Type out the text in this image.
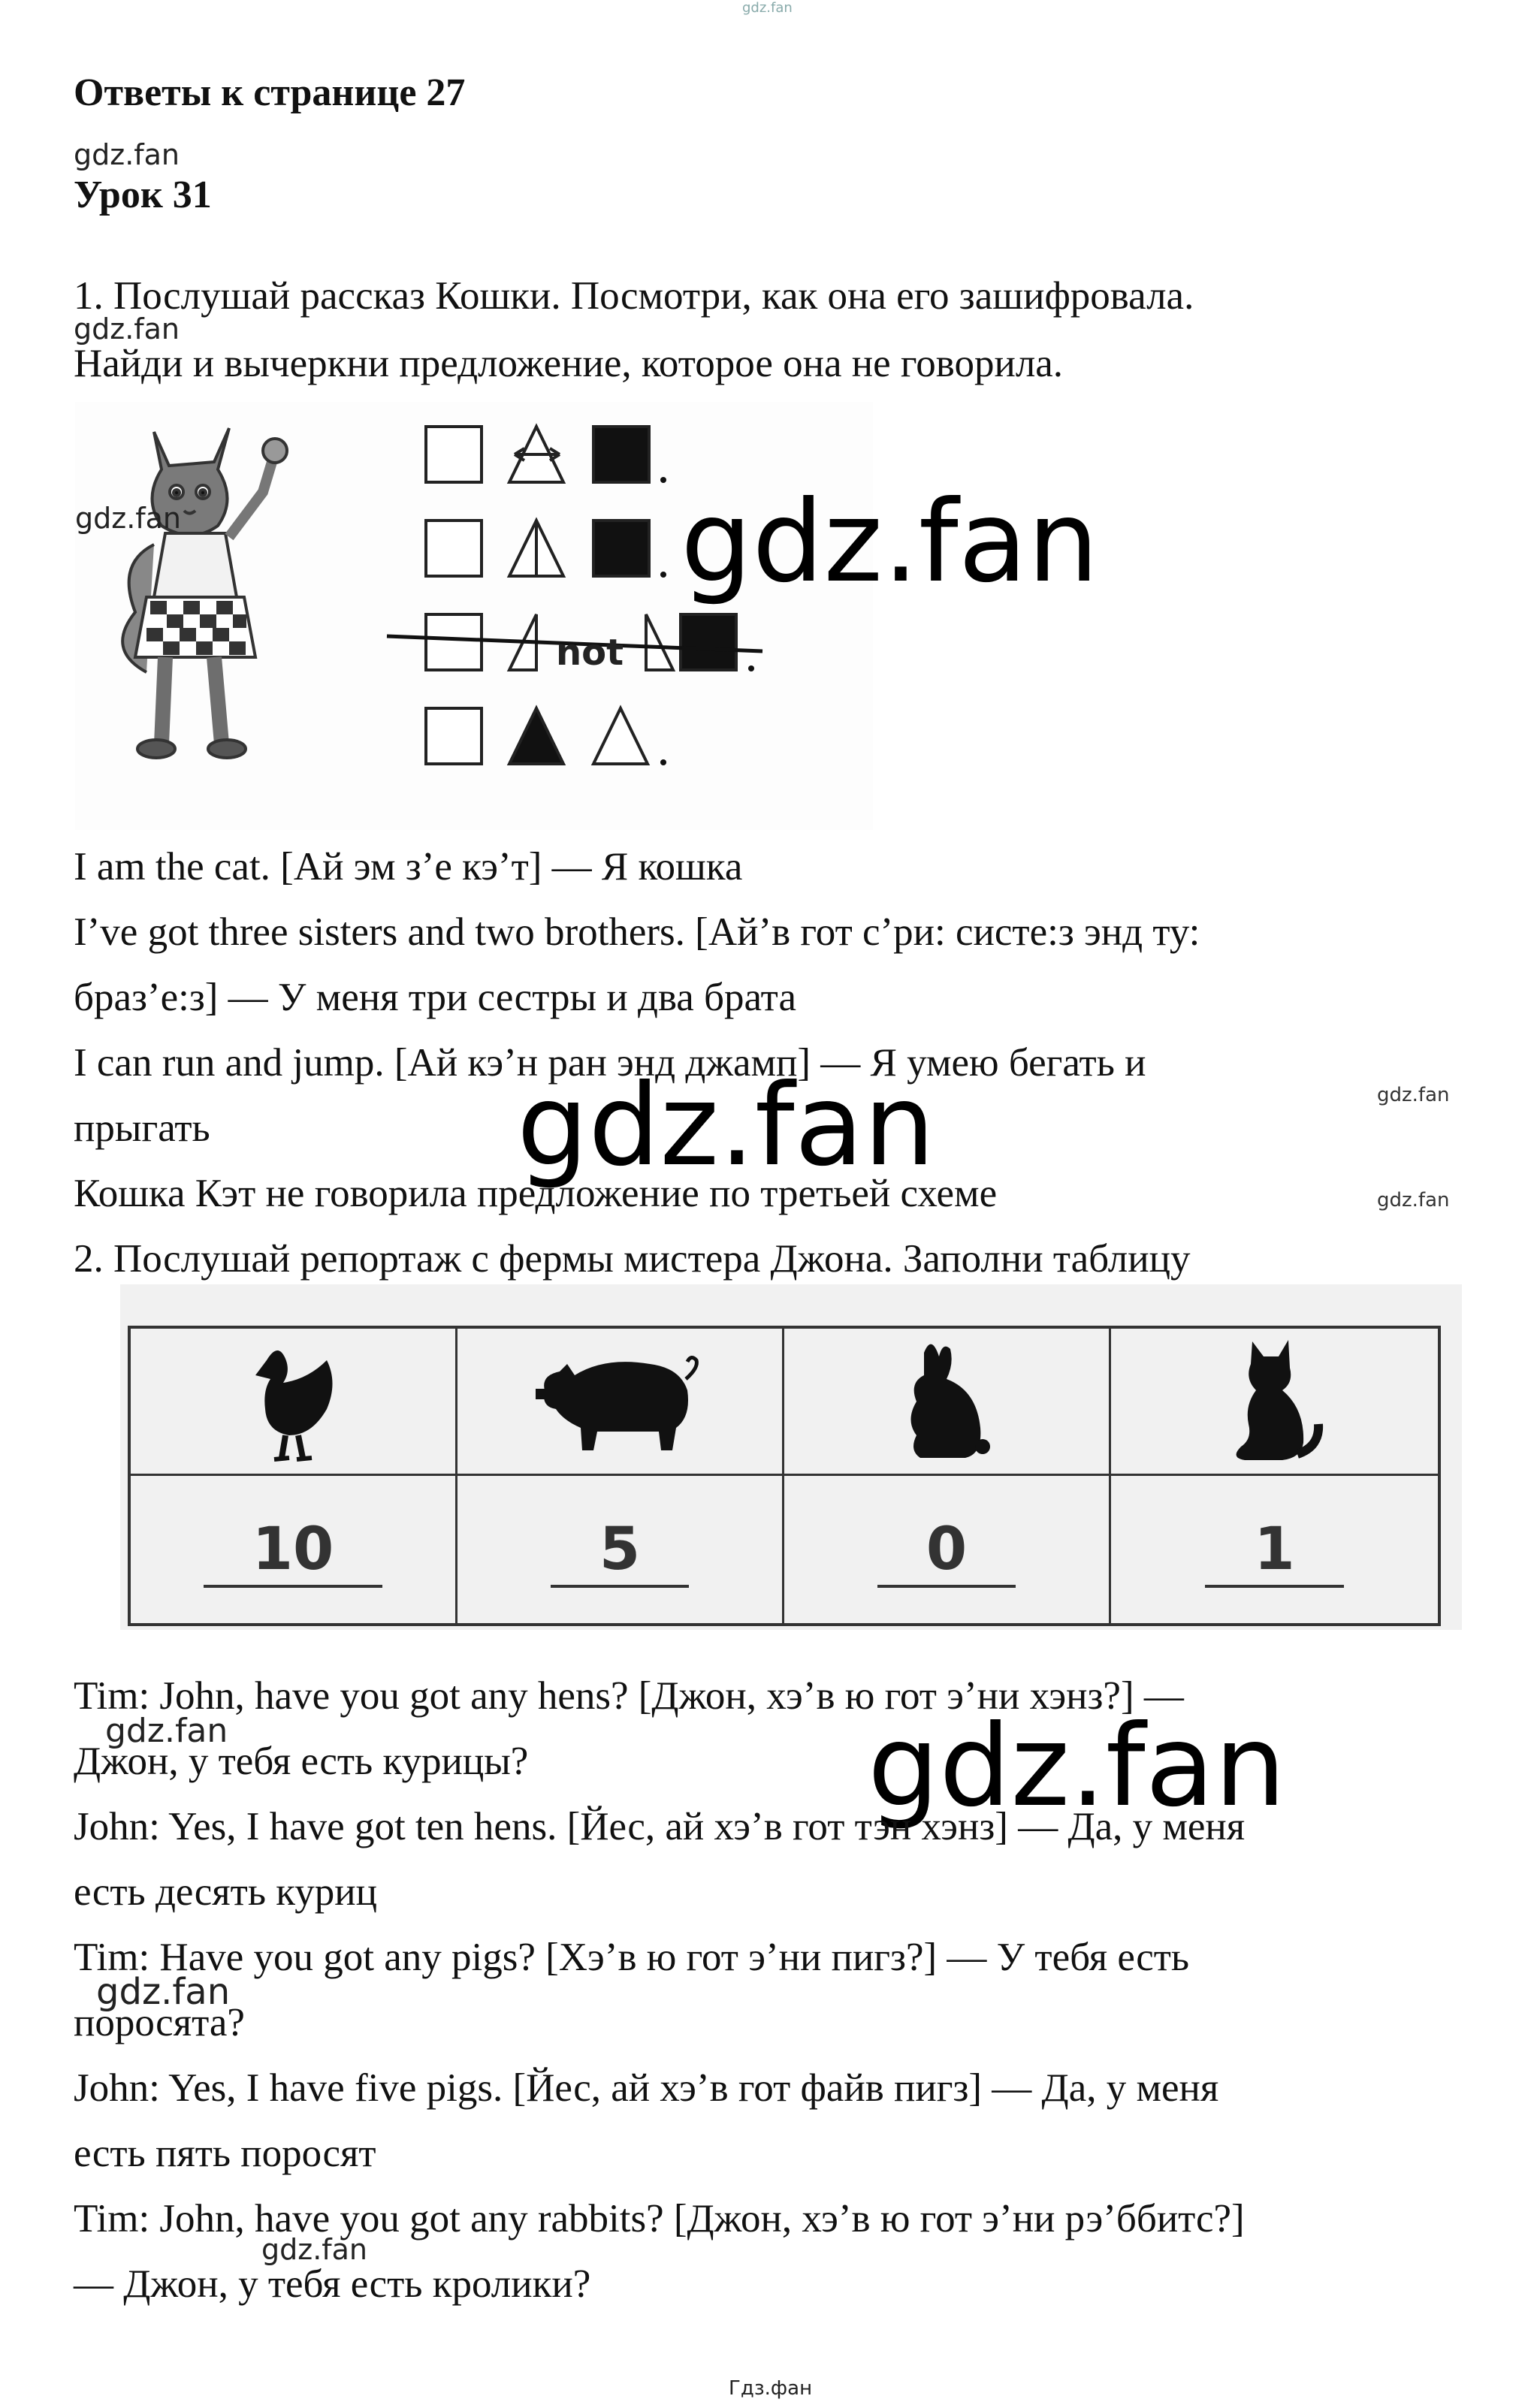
gdz.fan
Ответы к странице 27
gdz.fan
Урок 31
1. Послушай рассказ Кошки. Посмотри, как она его зашифровала.
gdz.fan
Найди и вычеркни предложение, которое она не говорила.
not
gdz.fan	gdz.fan
I am the cat. [Ай эм з’е кэ’т] — Я кошка
I’ve got three sisters and two brothers. [Ай’в гот с’ри: систе:з энд ту:
браз’е:з] — У меня три сестры и два брата
I can run and jump. [Ай кэ’н ран энд джамп] — Я умею бегать и
gdz.fan
прыгать	gdz.fan
Кошка Кэт не говорила предложение по третьей схеме	gdz.fan
2. Послушай репортаж с фермы мистера Джона. Заполни таблицу
10	5	0	1
Tim: John, have you got any hens? [Джон, хэ’в ю гот э’ни хэнз?] —
gdz.fan
Джон, у тебя есть курицы?	gdz.fan
John: Yes, I have got ten hens. [Йес, ай хэ’в гот тэн хэнз] — Да, у меня
есть десять куриц
Tim: Have you got any pigs? [Хэ’в ю гот э’ни пигз?] — У тебя есть
gdz.fan
поросята?
John: Yes, I have five pigs. [Йес, ай хэ’в гот файв пигз] — Да, у меня
есть пять поросят
Tim: John, have you got any rabbits? [Джон, хэ’в ю гот э’ни рэ’ббитс?]
gdz.fan
— Джон, у тебя есть кролики?
Гдз.фан
